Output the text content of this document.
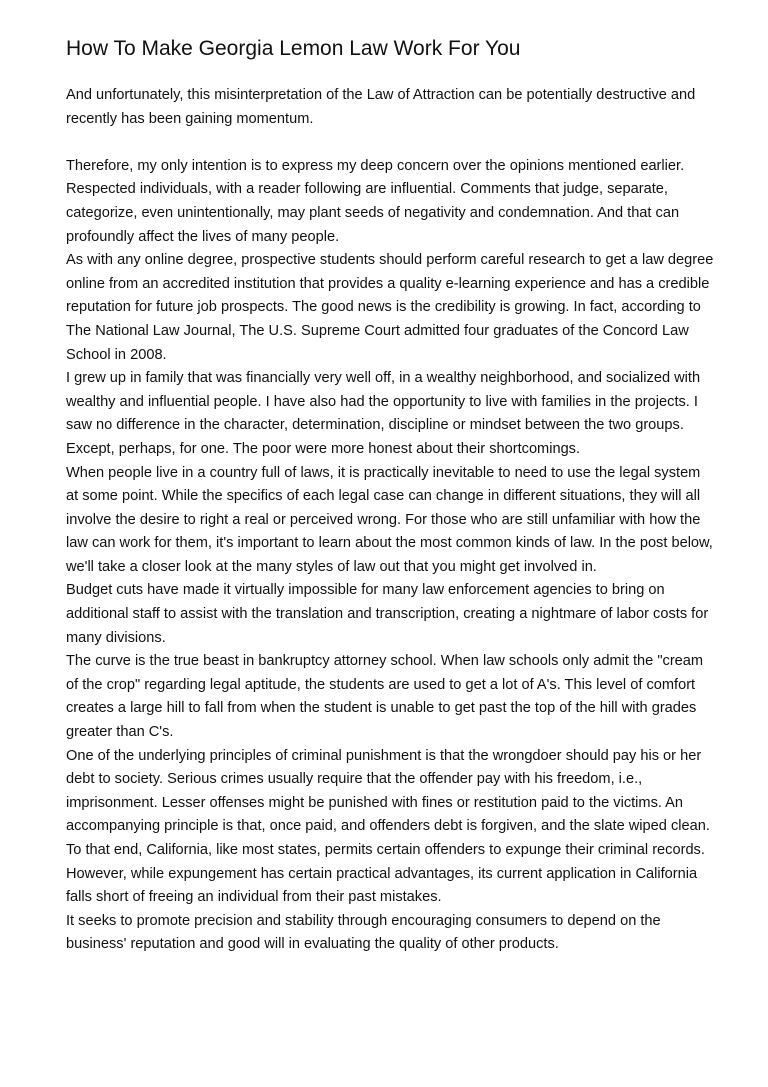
How To Make Georgia Lemon Law Work For You

And unfortunately, this misinterpretation of the Law of Attraction can be potentially destructive and recently has been gaining momentum.

Therefore, my only intention is to express my deep concern over the opinions mentioned earlier. Respected individuals, with a reader following are influential. Comments that judge, separate, categorize, even unintentionally, may plant seeds of negativity and condemnation. And that can profoundly affect the lives of many people.

As with any online degree, prospective students should perform careful research to get a law degree online from an accredited institution that provides a quality e-learning experience and has a credible reputation for future job prospects. The good news is the credibility is growing. In fact, according to The National Law Journal, The U.S. Supreme Court admitted four graduates of the Concord Law School in 2008.

I grew up in family that was financially very well off, in a wealthy neighborhood, and socialized with wealthy and influential people. I have also had the opportunity to live with families in the projects. I saw no difference in the character, determination, discipline or mindset between the two groups. Except, perhaps, for one. The poor were more honest about their shortcomings.

When people live in a country full of laws, it is practically inevitable to need to use the legal system at some point. While the specifics of each legal case can change in different situations, they will all involve the desire to right a real or perceived wrong. For those who are still unfamiliar with how the law can work for them, it's important to learn about the most common kinds of law. In the post below, we'll take a closer look at the many styles of law out that you might get involved in.

Budget cuts have made it virtually impossible for many law enforcement agencies to bring on additional staff to assist with the translation and transcription, creating a nightmare of labor costs for many divisions.

The curve is the true beast in bankruptcy attorney school. When law schools only admit the "cream of the crop" regarding legal aptitude, the students are used to get a lot of A's. This level of comfort creates a large hill to fall from when the student is unable to get past the top of the hill with grades greater than C's.

One of the underlying principles of criminal punishment is that the wrongdoer should pay his or her debt to society. Serious crimes usually require that the offender pay with his freedom, i.e., imprisonment. Lesser offenses might be punished with fines or restitution paid to the victims. An accompanying principle is that, once paid, and offenders debt is forgiven, and the slate wiped clean. To that end, California, like most states, permits certain offenders to expunge their criminal records. However, while expungement has certain practical advantages, its current application in California falls short of freeing an individual from their past mistakes.

It seeks to promote precision and stability through encouraging consumers to depend on the business' reputation and good will in evaluating the quality of other products.
